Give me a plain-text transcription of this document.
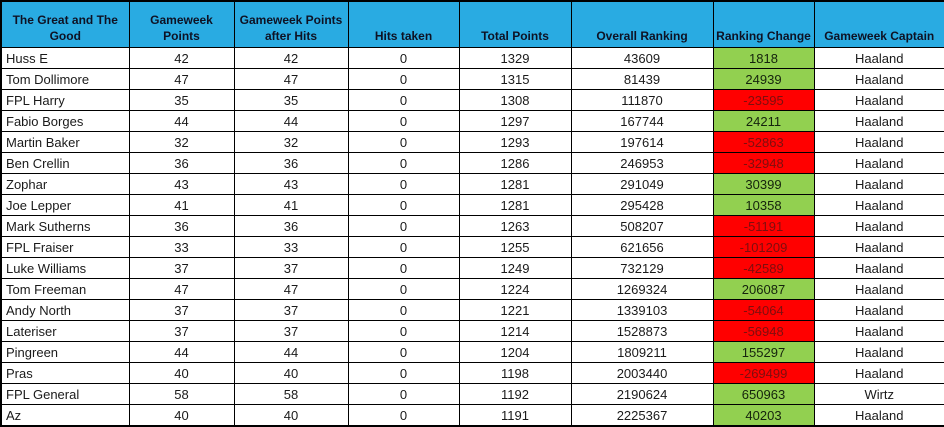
The Great and The Good	Gameweek Points	Gameweek Points after Hits	Hits taken	Total Points	Overall Ranking	Ranking Change	Gameweek Captain
Huss E	42	42	0	1329	43609	1818	Haaland
Tom Dollimore	47	47	0	1315	81439	24939	Haaland
FPL Harry	35	35	0	1308	111870	-23595	Haaland
Fabio Borges	44	44	0	1297	167744	24211	Haaland
Martin Baker	32	32	0	1293	197614	-52863	Haaland
Ben Crellin	36	36	0	1286	246953	-32948	Haaland
Zophar	43	43	0	1281	291049	30399	Haaland
Joe Lepper	41	41	0	1281	295428	10358	Haaland
Mark Sutherns	36	36	0	1263	508207	-51191	Haaland
FPL Fraiser	33	33	0	1255	621656	-101209	Haaland
Luke Williams	37	37	0	1249	732129	-42589	Haaland
Tom Freeman	47	47	0	1224	1269324	206087	Haaland
Andy North	37	37	0	1221	1339103	-54064	Haaland
Lateriser	37	37	0	1214	1528873	-56948	Haaland
Pingreen	44	44	0	1204	1809211	155297	Haaland
Pras	40	40	0	1198	2003440	-269499	Haaland
FPL General	58	58	0	1192	2190624	650963	Wirtz
Az	40	40	0	1191	2225367	40203	Haaland
